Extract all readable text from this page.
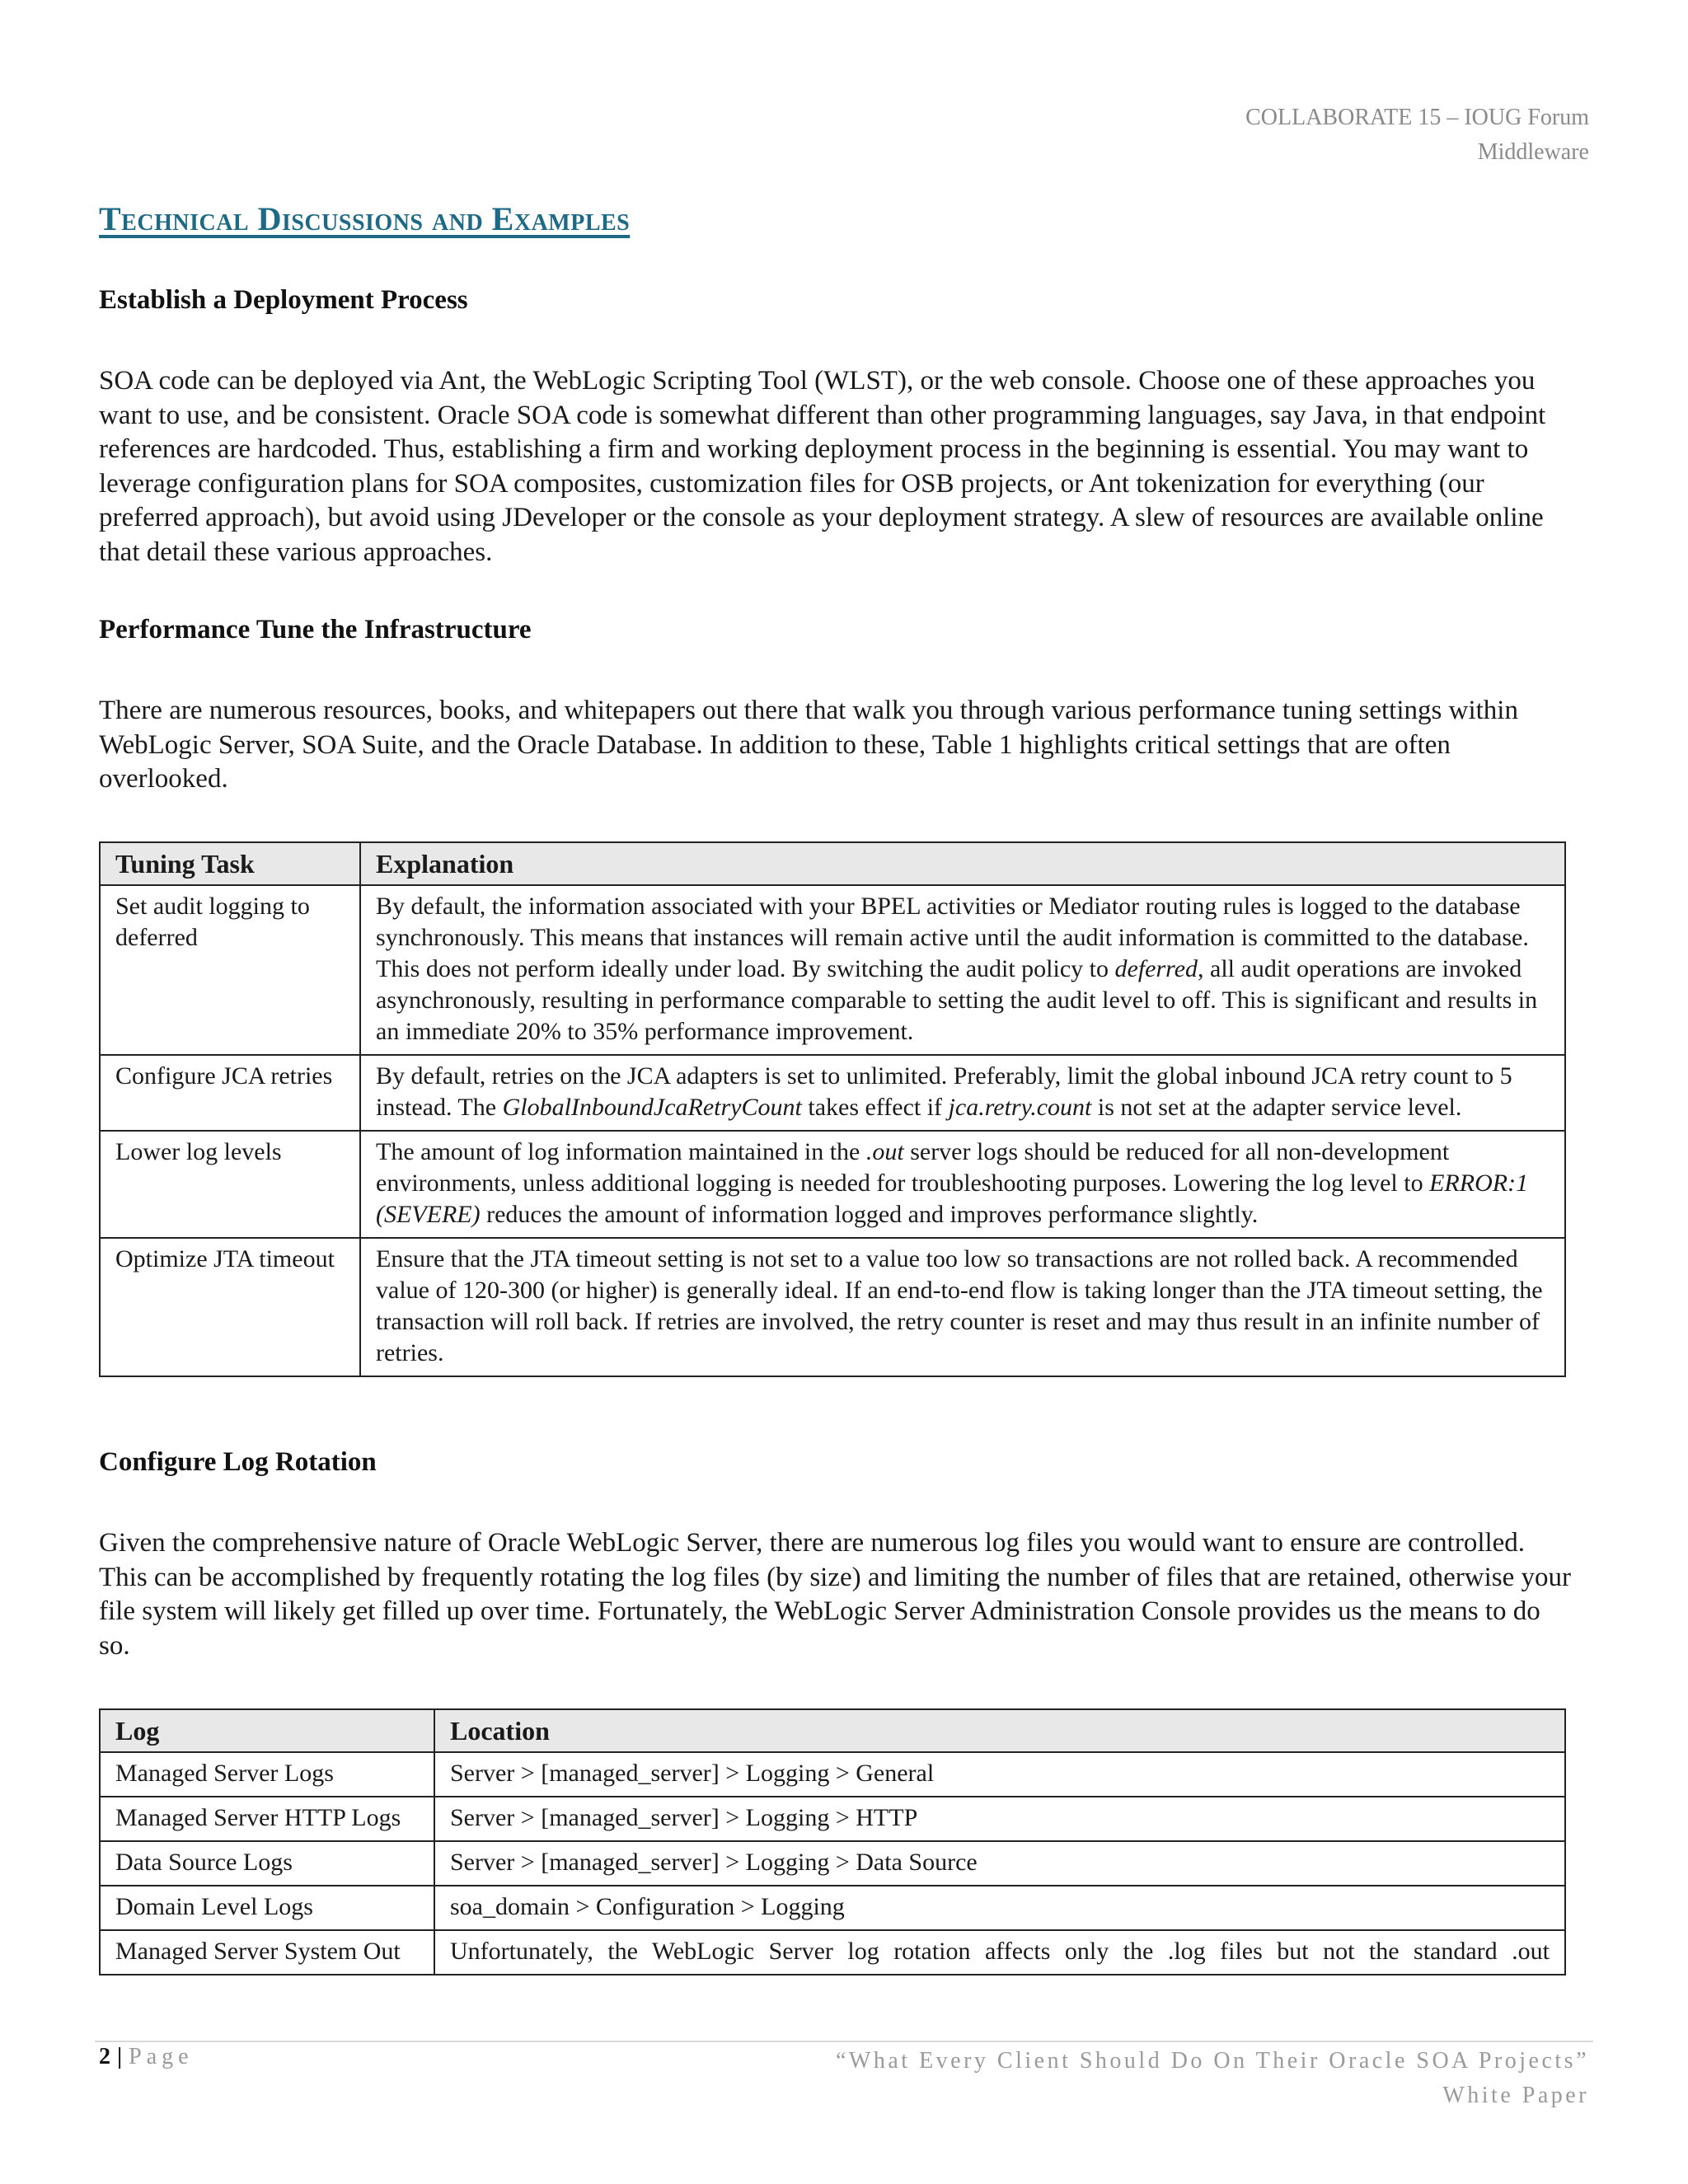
COLLABORATE 15 – IOUG Forum
Middleware
Technical Discussions and Examples
Establish a Deployment Process

SOA code can be deployed via Ant, the WebLogic Scripting Tool (WLST), or the web console. Choose one of these approaches you want to use, and be consistent. Oracle SOA code is somewhat different than other programming languages, say Java, in that endpoint references are hardcoded. Thus, establishing a firm and working deployment process in the beginning is essential. You may want to leverage configuration plans for SOA composites, customization files for OSB projects, or Ant tokenization for everything (our preferred approach), but avoid using JDeveloper or the console as your deployment strategy. A slew of resources are available online that detail these various approaches.

Performance Tune the Infrastructure

There are numerous resources, books, and whitepapers out there that walk you through various performance tuning settings within WebLogic Server, SOA Suite, and the Oracle Database. In addition to these, Table 1 highlights critical settings that are often overlooked.

Tuning Task	Explanation
Set audit logging to deferred	By default, the information associated with your BPEL activities or Mediator routing rules is logged to the database synchronously. This means that instances will remain active until the audit information is committed to the database. This does not perform ideally under load. By switching the audit policy to deferred, all audit operations are invoked asynchronously, resulting in performance comparable to setting the audit level to off. This is significant and results in an immediate 20% to 35% performance improvement.
Configure JCA retries	By default, retries on the JCA adapters is set to unlimited. Preferably, limit the global inbound JCA retry count to 5 instead. The GlobalInboundJcaRetryCount takes effect if jca.retry.count is not set at the adapter service level.
Lower log levels	The amount of log information maintained in the .out server logs should be reduced for all non-development environments, unless additional logging is needed for troubleshooting purposes. Lowering the log level to ERROR:1 (SEVERE) reduces the amount of information logged and improves performance slightly.
Optimize JTA timeout	Ensure that the JTA timeout setting is not set to a value too low so transactions are not rolled back. A recommended value of 120-300 (or higher) is generally ideal. If an end-to-end flow is taking longer than the JTA timeout setting, the transaction will roll back. If retries are involved, the retry counter is reset and may thus result in an infinite number of retries.
Configure Log Rotation

Given the comprehensive nature of Oracle WebLogic Server, there are numerous log files you would want to ensure are controlled. This can be accomplished by frequently rotating the log files (by size) and limiting the number of files that are retained, otherwise your file system will likely get filled up over time. Fortunately, the WebLogic Server Administration Console provides us the means to do so.

Log	Location
Managed Server Logs	Server > [managed_server] > Logging > General
Managed Server HTTP Logs	Server > [managed_server] > Logging > HTTP
Data Source Logs	Server > [managed_server] > Logging > Data Source
Domain Level Logs	soa_domain > Configuration > Logging
Managed Server System Out	Unfortunately, the WebLogic Server log rotation affects only the .log files but not the standard .out
2 | Page	“What Every Client Should Do On Their Oracle SOA Projects”
White Paper
